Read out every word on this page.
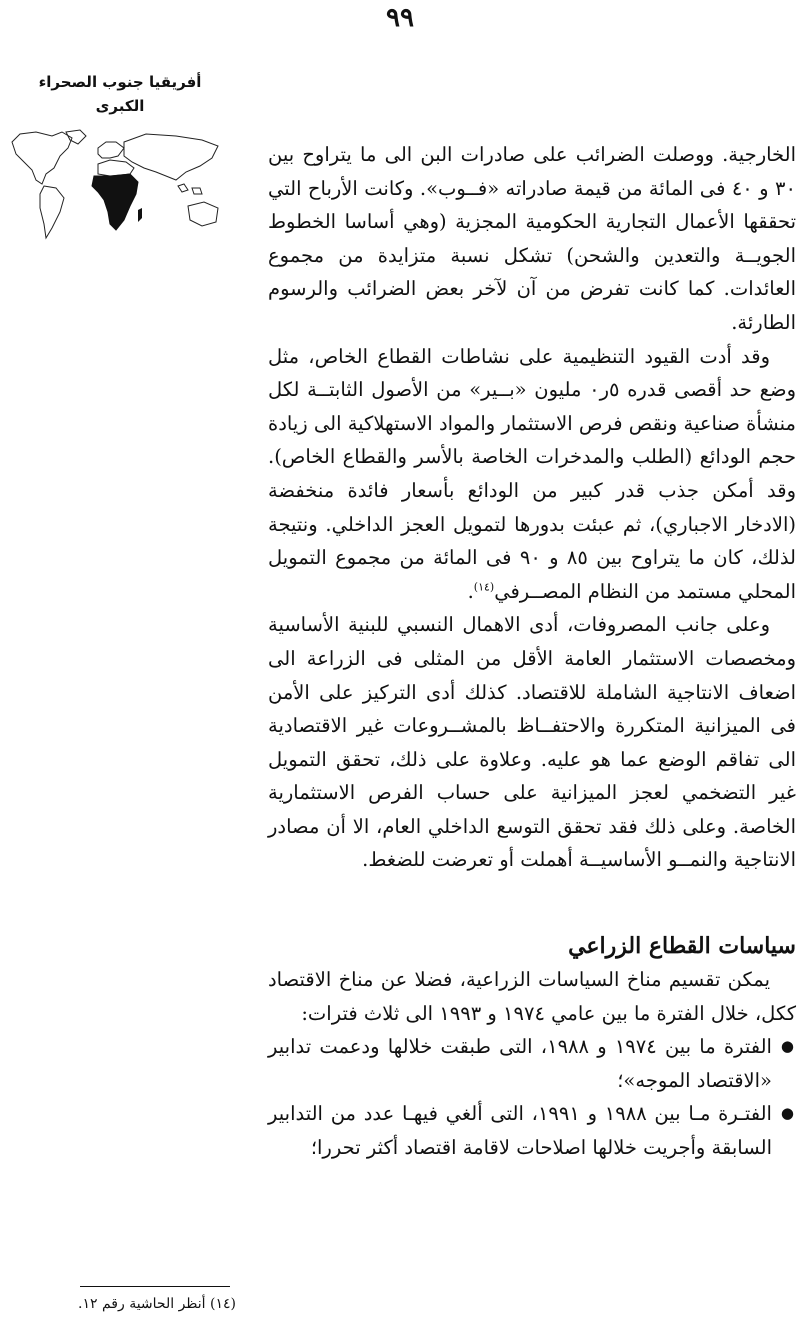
٩٩
أفريقيا جنوب الصحراء
الكبرى

الخارجية. ووصلت الضرائب على صادرات البن الى ما يتراوح بين ٣٠ و ٤٠ فى المائة من قيمة صادراته «فــوب». وكانت الأرباح التي تحققها الأعمال التجارية الحكومية المجزية (وهي أساسا الخطوط الجويــة والتعدين والشحن) تشكل نسبة متزايدة من مجموع العائدات. كما كانت تفرض من آن لآخر بعض الضرائب والرسوم الطارئة.

وقد أدت القيود التنظيمية على نشاطات القطاع الخاص، مثل وضع حد أقصى قدره ٥ر٠ مليون «بــير» من الأصول الثابتــة لكل منشأة صناعية ونقص فرص الاستثمار والمواد الاستهلاكية الى زيادة حجم الودائع (الطلب والمدخرات الخاصة بالأسر والقطاع الخاص). وقد أمكن جذب قدر كبير من الودائع بأسعار فائدة منخفضة (الادخار الاجباري)، ثم عبئت بدورها لتمويل العجز الداخلي. ونتيجة لذلك، كان ما يتراوح بين ٨٥ و ٩٠ فى المائة من مجموع التمويل المحلي مستمد من النظام المصــرفي$^{(١٤)}$.

وعلى جانب المصروفات، أدى الاهمال النسبي للبنية الأساسية ومخصصات الاستثمار العامة الأقل من المثلى فى الزراعة الى اضعاف الانتاجية الشاملة للاقتصاد. كذلك أدى التركيز على الأمن فى الميزانية المتكررة والاحتفــاظ بالمشــروعات غير الاقتصادية الى تفاقم الوضع عما هو عليه. وعلاوة على ذلك، تحقق التمويل غير التضخمي لعجز الميزانية على حساب الفرص الاستثمارية الخاصة. وعلى ذلك فقد تحقق التوسع الداخلي العام، الا أن مصادر الانتاجية والنمــو الأساسيــة أهملت أو تعرضت للضغط.

سياسات القطاع الزراعي

يمكن تقسيم مناخ السياسات الزراعية، فضلا عن مناخ الاقتصاد ككل، خلال الفترة ما بين عامي ١٩٧٤ و ١٩٩٣ الى ثلاث فترات:

● الفترة ما بين ١٩٧٤ و ١٩٨٨، التى طبقت خلالها ودعمت تدابير «الاقتصاد الموجه»؛
● الفتـرة مـا بين ١٩٨٨ و ١٩٩١، التى ألغي فيهـا عدد من التدابير السابقة وأجريت خلالها اصلاحات لاقامة اقتصاد أكثر تحررا؛
(١٤) أنظر الحاشية رقم ١٢.
